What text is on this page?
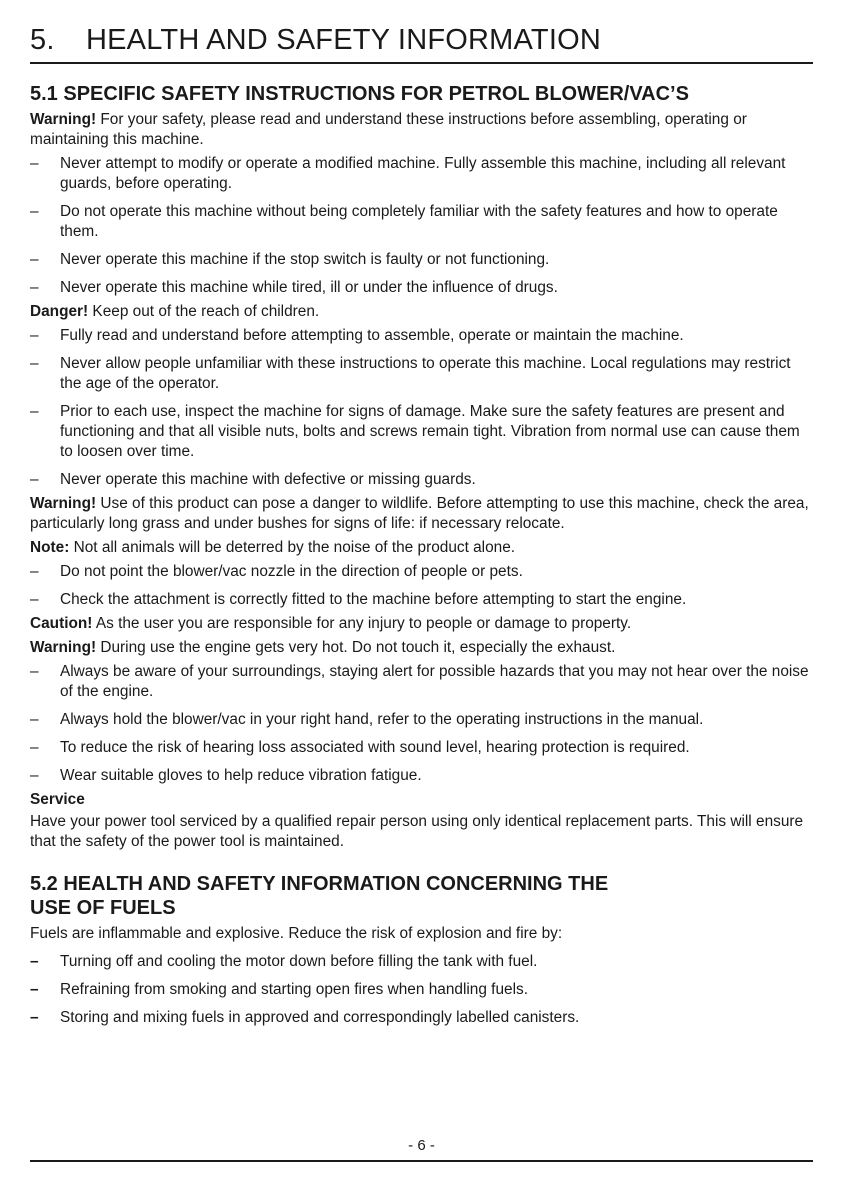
5. HEALTH AND SAFETY INFORMATION
5.1 SPECIFIC SAFETY INSTRUCTIONS FOR PETROL BLOWER/VAC’S

Warning! For your safety, please read and understand these instructions before assembling, operating or maintaining this machine.

– Never attempt to modify or operate a modified machine. Fully assemble this machine, including all relevant guards, before operating.
– Do not operate this machine without being completely familiar with the safety features and how to operate them.
– Never operate this machine if the stop switch is faulty or not functioning.
– Never operate this machine while tired, ill or under the influence of drugs.

Danger! Keep out of the reach of children.

– Fully read and understand before attempting to assemble, operate or maintain the machine.
– Never allow people unfamiliar with these instructions to operate this machine. Local regulations may restrict the age of the operator.
– Prior to each use, inspect the machine for signs of damage. Make sure the safety features are present and functioning and that all visible nuts, bolts and screws remain tight. Vibration from normal use can cause them to loosen over time.
– Never operate this machine with defective or missing guards.

Warning! Use of this product can pose a danger to wildlife. Before attempting to use this machine, check the area, particularly long grass and under bushes for signs of life: if necessary relocate.

Note: Not all animals will be deterred by the noise of the product alone.

– Do not point the blower/vac nozzle in the direction of people or pets.
– Check the attachment is correctly fitted to the machine before attempting to start the engine.

Caution! As the user you are responsible for any injury to people or damage to property.

Warning! During use the engine gets very hot. Do not touch it, especially the exhaust.

– Always be aware of your surroundings, staying alert for possible hazards that you may not hear over the noise of the engine.
– Always hold the blower/vac in your right hand, refer to the operating instructions in the manual.
– To reduce the risk of hearing loss associated with sound level, hearing protection is required.
– Wear suitable gloves to help reduce vibration fatigue.
Service

Have your power tool serviced by a qualified repair person using only identical replacement parts. This will ensure that the safety of the power tool is maintained.

5.2 HEALTH AND SAFETY INFORMATION CONCERNING THE
USE OF FUELS

Fuels are inflammable and explosive. Reduce the risk of explosion and fire by:

– Turning off and cooling the motor down before filling the tank with fuel.
– Refraining from smoking and starting open fires when handling fuels.
– Storing and mixing fuels in approved and correspondingly labelled canisters.
- 6 -
